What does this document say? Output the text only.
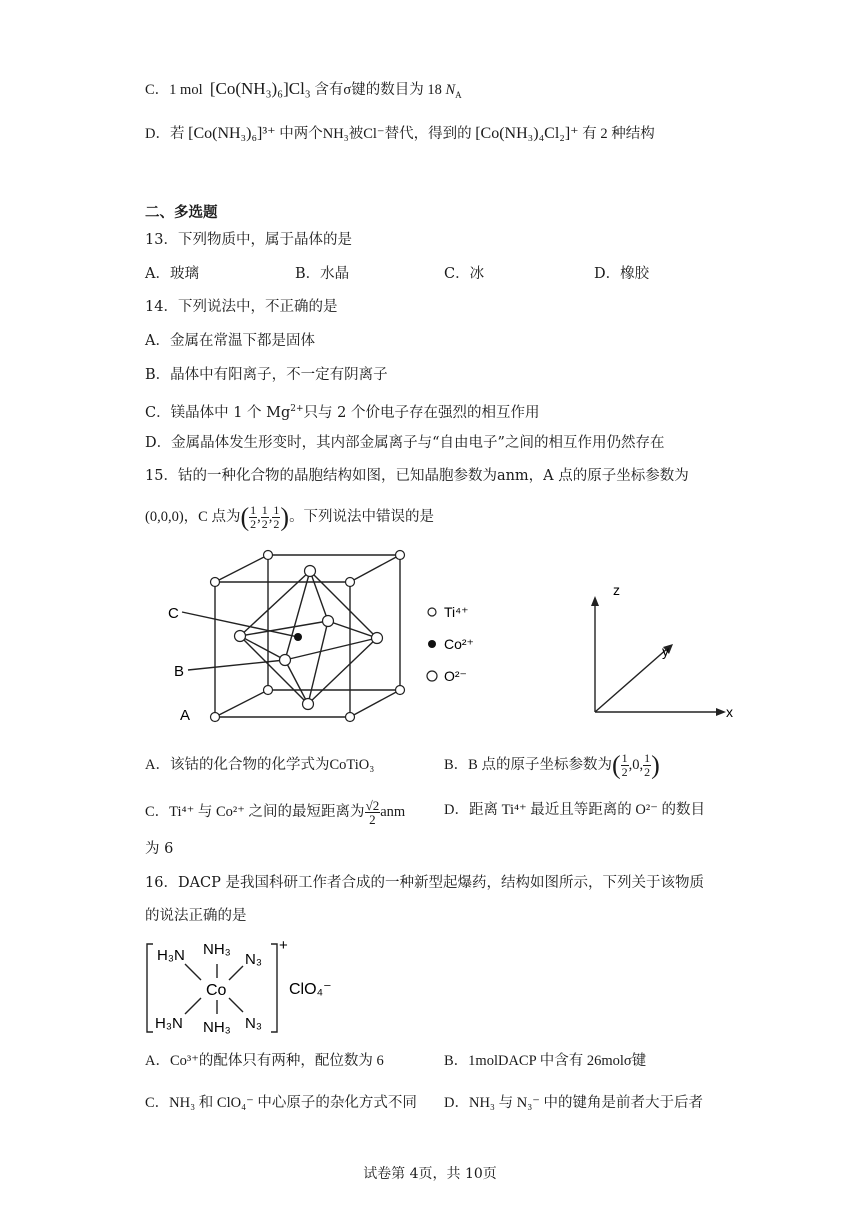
C．1 mol [Co(NH₃)₆]Cl₃ 含有σ键的数目为 18 $N_A$
D．若 [Co(NH₃)₆]³⁺ 中两个NH₃被Cl⁻替代，得到的 [Co(NH₃)₄Cl₂]⁺ 有 2 种结构
二、多选题
13．下列物质中，属于晶体的是
A．玻璃	B．水晶	C．冰	D．橡胶
14．下列说法中，不正确的是
A．金属在常温下都是固体
B．晶体中有阳离子，不一定有阴离子
C．镁晶体中 1 个 $Mg^{2+}$只与 2 个价电子存在强烈的相互作用
D．金属晶体发生形变时，其内部金属离子与“自由电子”之间的相互作用仍然存在
15．钴的一种化合物的晶胞结构如图，已知晶胞参数为anm，A 点的原子坐标参数为
(0,0,0)，C 点为( $\frac{1}{2}$ , $\frac{1}{2}$ , $\frac{1}{2}$ )。下列说法中错误的是
C
B
A
Ti⁴⁺
Co²⁺
O²⁻
z
y
x
A．该钴的化合物的化学式为CoTiO₃	B．B 点的原子坐标参数为( $\frac{1}{2} ,0$, $\frac{1}{2}$ )
C．Ti⁴⁺ 与 Co²⁺ 之间的最短距离为 $\frac{√2}{2}$ anm	D．距离 Ti⁴⁺ 最近且等距离的 O²⁻ 的数目
为 6
16．DACP 是我国科研工作者合成的一种新型起爆药，结构如图所示，下列关于该物质
的说法正确的是
H₃N NH₃
N₃
Co
H₃N NH₃ N₃
+
ClO₄⁻
A．Co³⁺的配体只有两种，配位数为 6	B．1molDACP 中含有 26molσ键
C．NH₃ 和 ClO₄⁻ 中心原子的杂化方式不同 D．NH₃ 与 N₃⁻ 中的键角是前者大于后者
试卷第 4页，共 10页
